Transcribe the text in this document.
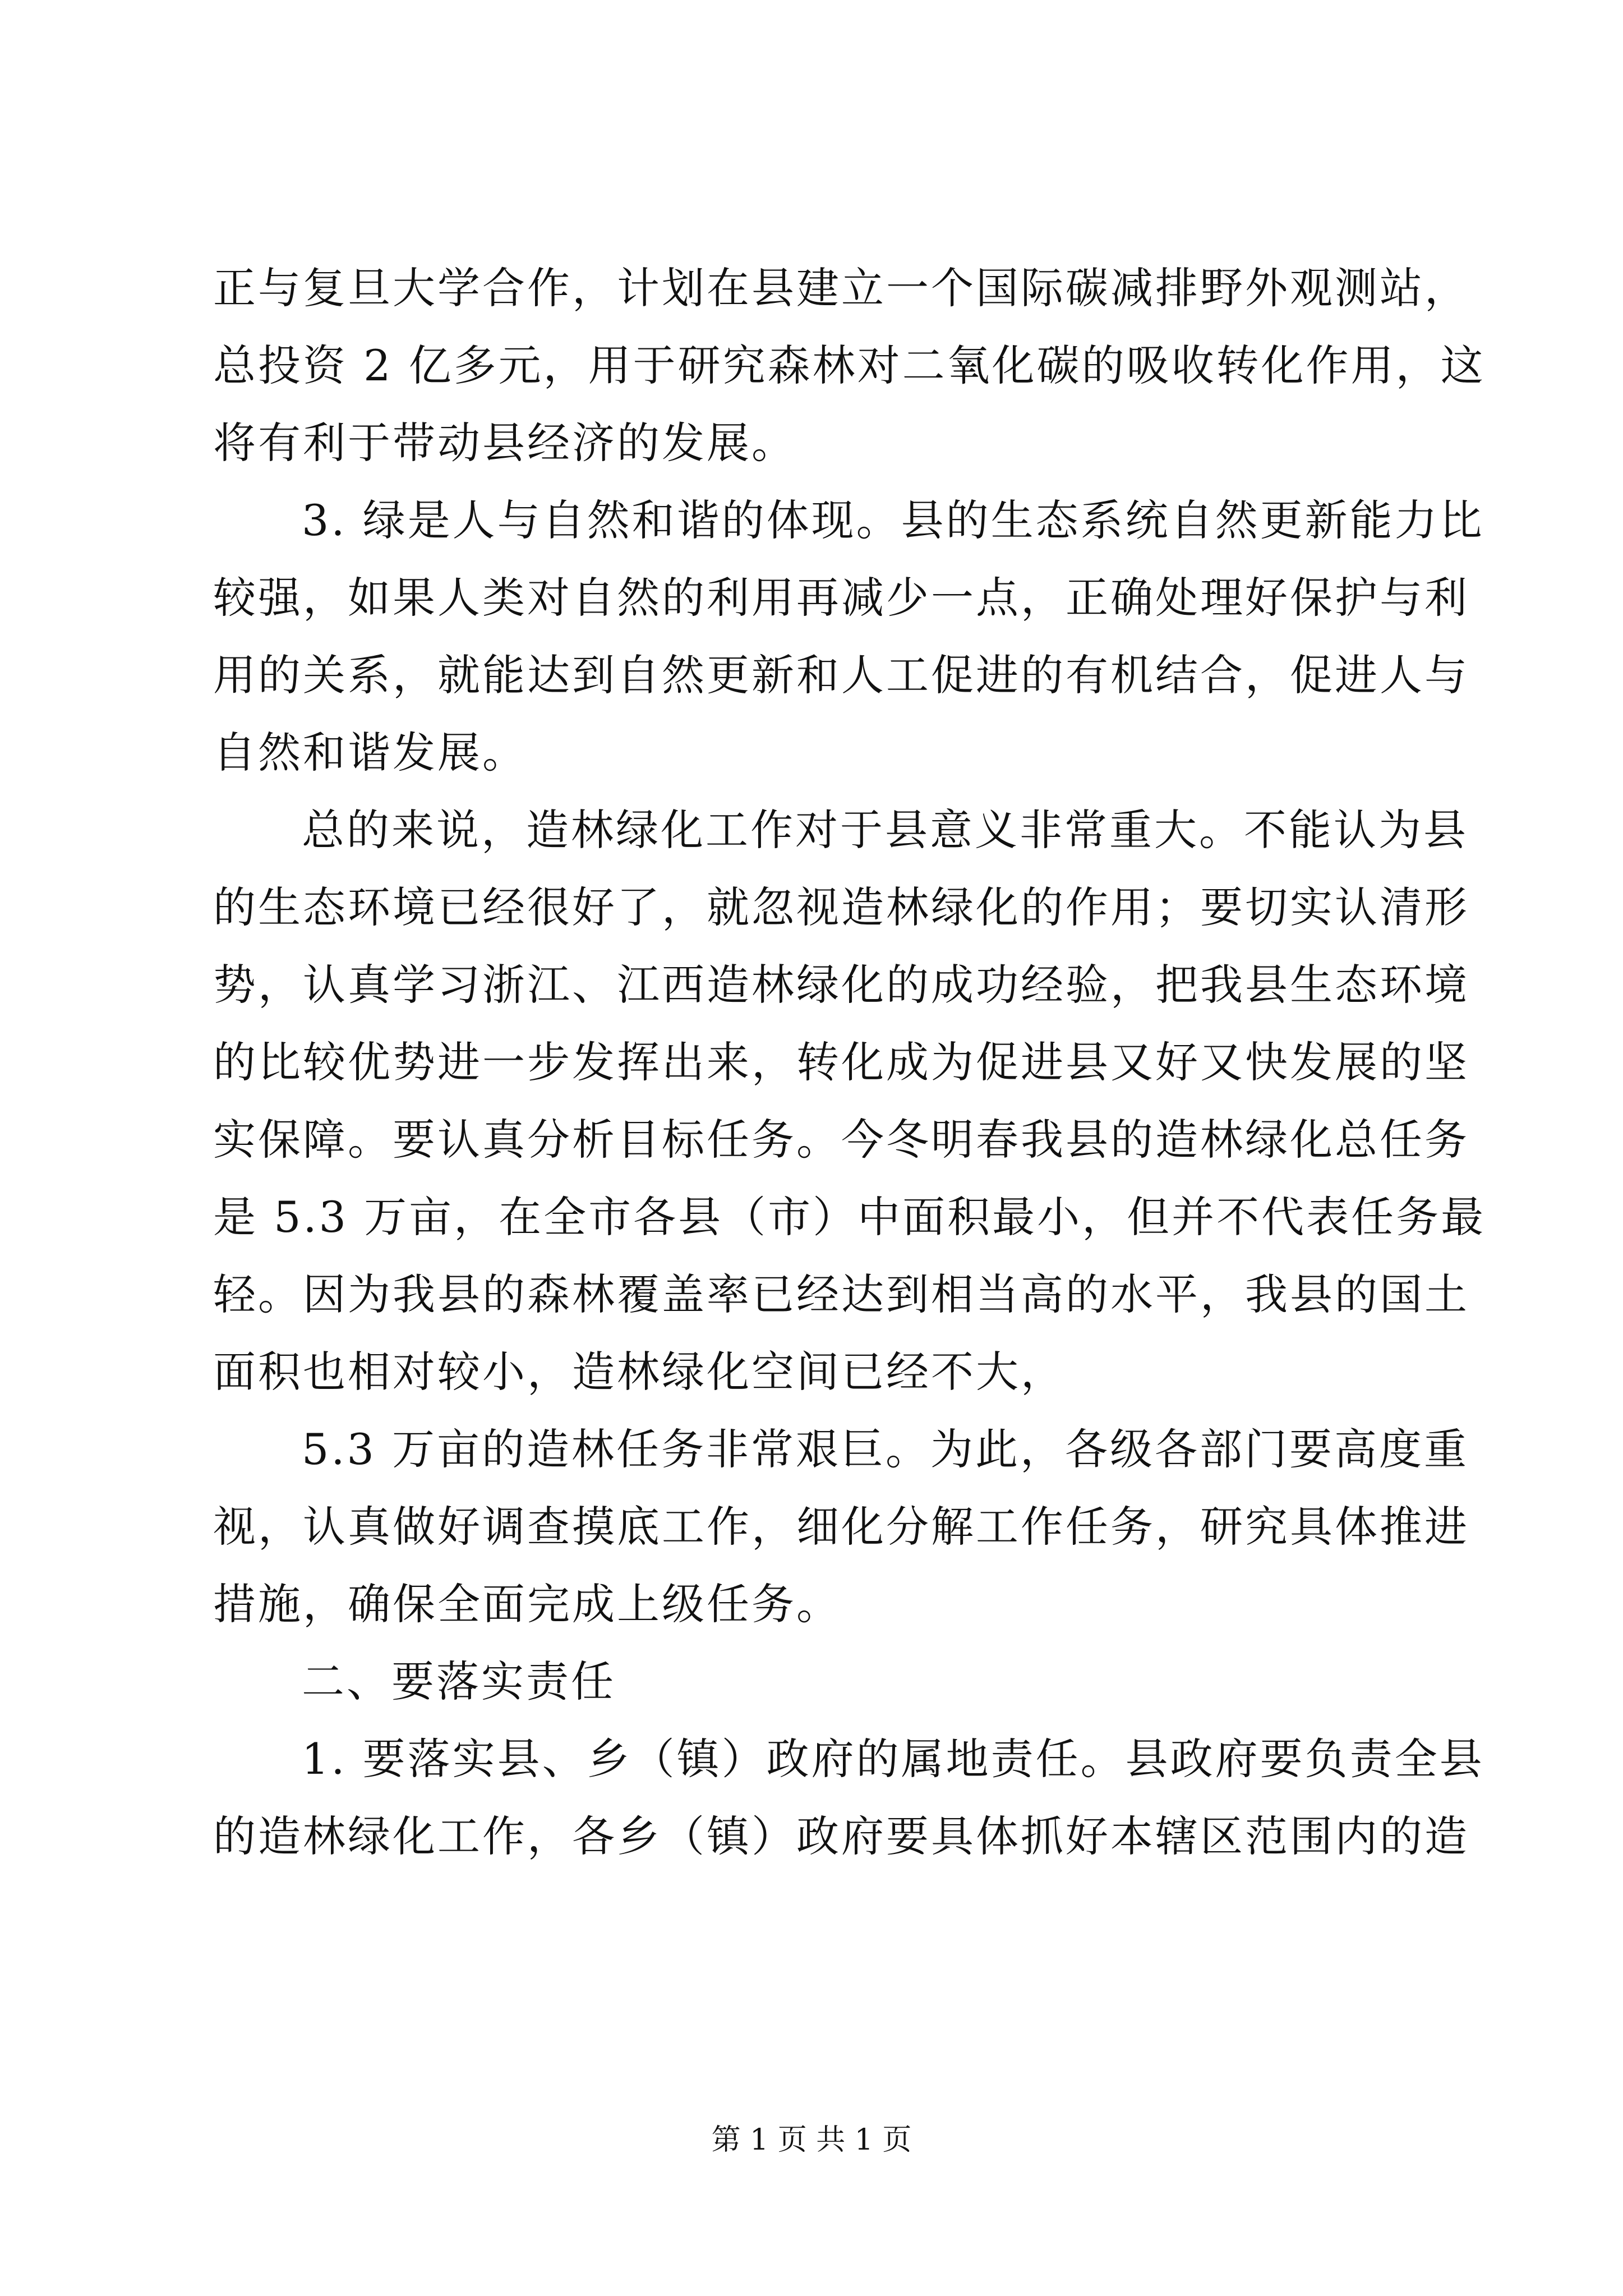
正与复旦大学合作，计划在县建立一个国际碳减排野外观测站，
总投资 2 亿多元，用于研究森林对二氧化碳的吸收转化作用，这
将有利于带动县经济的发展。

3. 绿是人与自然和谐的体现。县的生态系统自然更新能力比
较强，如果人类对自然的利用再减少一点，正确处理好保护与利
用的关系，就能达到自然更新和人工促进的有机结合，促进人与
自然和谐发展。

总的来说，造林绿化工作对于县意义非常重大。不能认为县
的生态环境已经很好了，就忽视造林绿化的作用；要切实认清形
势，认真学习浙江、江西造林绿化的成功经验，把我县生态环境
的比较优势进一步发挥出来，转化成为促进县又好又快发展的坚
实保障。要认真分析目标任务。今冬明春我县的造林绿化总任务
是 5.3 万亩，在全市各县（市）中面积最小，但并不代表任务最
轻。因为我县的森林覆盖率已经达到相当高的水平，我县的国土
面积也相对较小，造林绿化空间已经不大，

5.3 万亩的造林任务非常艰巨。为此，各级各部门要高度重
视，认真做好调查摸底工作，细化分解工作任务，研究具体推进
措施，确保全面完成上级任务。

二、要落实责任

1. 要落实县、乡（镇）政府的属地责任。县政府要负责全县
的造林绿化工作，各乡（镇）政府要具体抓好本辖区范围内的造

第 1 页 共 1 页
